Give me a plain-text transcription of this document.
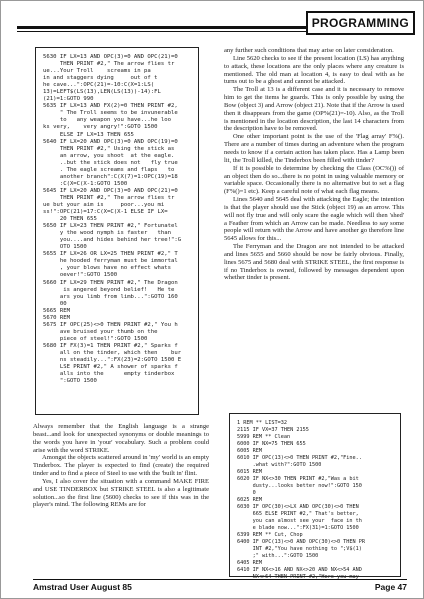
PROGRAMMING
5630 IF LX=13 AND OPC(3)=0 AND OPC(21)=0
THEN PRINT #2," The arrow flies tr
ue...Your Troll    screams in pa
in and staggers dying     out of t
he cave...":OPC(21)=-10:C(X=1:LS(
13)=LEFT$(LS(13),LEN(LS(13))-14):FL
(21)=1:GOTO 990
5635 IF LX=13 AND FX(2)=0 THEN PRINT #2,
" The Troll seems to be invunerable
to   any weapon you have...he loo
ks very,    very angry!":GOTO 1500
ELSE IF LX=13 THEN 655
5640 IF LX=20 AND OPC(3)=0 AND OPC(19)=0
THEN PRINT #2," Using the stick as
an arrow, you shoot  at the eagle.
..but the stick does not   fly true
. The eagle screams and flaps   to
another branch":C(X(7)=1:OPC(19)=18
:C(X=C(X-1:GOTO 1500
5645 IF LX=20 AND OPC(3)=0 AND OPC(21)=0
THEN PRINT #2," The arrow flies tr
ue but your aim is     poor...you mi
ss!":OPC(21)=17:C(X=C(X-1 ELSE IF LX=
20 THEN 655
5650 IF LX=23 THEN PRINT #2," Fortunatel
y the wood nymph is faster   than
you....and hides behind her tree!":G
OTO 1500
5655 IF LX=26 OR LX=25 THEN PRINT #2," T
he hooded ferryman must be immortal
, your blows have no effect whats
oever!":GOTO 1500
5660 IF LX=29 THEN PRINT #2," The Dragon
is angered beyond belief!   He te
ars you limb from limb...":GOTO 160
00
5665 REM
5670 REM
5675 IF OPC(25)<>0 THEN PRINT #2," You h
ave bruised your thumb on the
piece of steel!":GOTO 1500
5680 IF FX(3)=1 THEN PRINT #2," Sparks f
all on the tinder, which then    bur
ns steadily...":FX(23)=2:GOTO 1500 E
LSE PRINT #2," A shower of sparks f
alls into the      empty tinderbox
":GOTO 1500

Always remember that the English language is a strange beast...and look for unexpected synonyms or double meanings to the words you have in 'your' vocabulary. Such a problem could arise with the word STRIKE.

Amongst the objects scattered around in 'my' world is an empty Tinderbox. The player is expected to find (create) the required tinder and to find a piece of Steel to use with the 'built in' flint.

Yes, I also cover the situation with a command MAKE FIRE and USE TINDERBOX but STRIKE STEEL is also a legitimate solution...so the first line (5600) checks to see if this was in the player's mind. The following REMs are for

any further such conditions that may arise on later consideration.

Line 5620 checks to see if the present location (LS) has anything to attack, these locations are the only places where any creature is mentioned. The old man at location 4, is easy to deal with as he turns out to be a ghost and cannot be attacked.

The Troll at 13 is a different case and it is necessary to remove him to get the items he guards. This is only possible by using the Bow (object 3) and Arrow (object 21). Note that if the Arrow is used then it disappears from the game (OP%(21)=-10). Also, as the Troll is mentioned in the location description, the last 14 characters from the description have to be removed.

One other important point is the use of the 'Flag array' F%(). There are a number of times during an adventure when the program needs to know if a certain action has taken place. Has a Lamp been lit, the Troll killed, the Tinderbox been filled with tinder?

If it is possible to determine by checking the Class (OC%()) of an object then do so...there is no point in using valuable memory or variable space. Occasionally there is no alternative but to set a flag (F%()=1 etc). Keep a careful note of what each flag means.

Lines 5640 and 5645 deal with attacking the Eagle; the intention is that the player should use the Stick (object 19) as an arrow. This will not fly true and will only scare the eagle which will then 'shed' a Feather from which an Arrow can be made. Needless to say some people will return with the Arrow and have another go therefore line 5645 allows for this...

The Ferryman and the Dragon are not intended to be attacked and lines 5655 and 5660 should be now be fairly obvious. Finally, lines 5675 and 5680 deal with STRIKE STEEL, the first response is if no Tinderbox is owned, followed by messages dependent upon whether tinder is present.

1 REM ** LIST=32
2115 IF VX=37 THEN 2155
5999 REM ** Clean
6000 IF NX=75 THEN 655
6005 REM
6010 IF OPC(13)<>0 THEN PRINT #2,"Fine..
.what with?":GOTO 1500
6015 REM
6020 IF NX<>30 THEN PRINT #2,"Was a bit
dusty...looks better now!":GOTO 150
0
6025 REM
6030 IF OPC(30)<>LX AND OPC(30)<>0 THEN
665 ELSE PRINT #2," That's better,
you can almost see your  face in th
e blade now...":FX(31)=1:GOTO 1500
6399 REM ** Cut, Chop
6400 IF OPC(13)<>0 AND OPC(30)<>0 THEN PR
INT #2,"You have nothing to ";V$(1)
;" with...":GOTO 1500
6405 REM
6410 IF NX<>16 AND NX<>20 AND NX<>54 AND
NX<>64 THEN PRINT #2,"Hero you may

Amstrad User August 85	Page 47
